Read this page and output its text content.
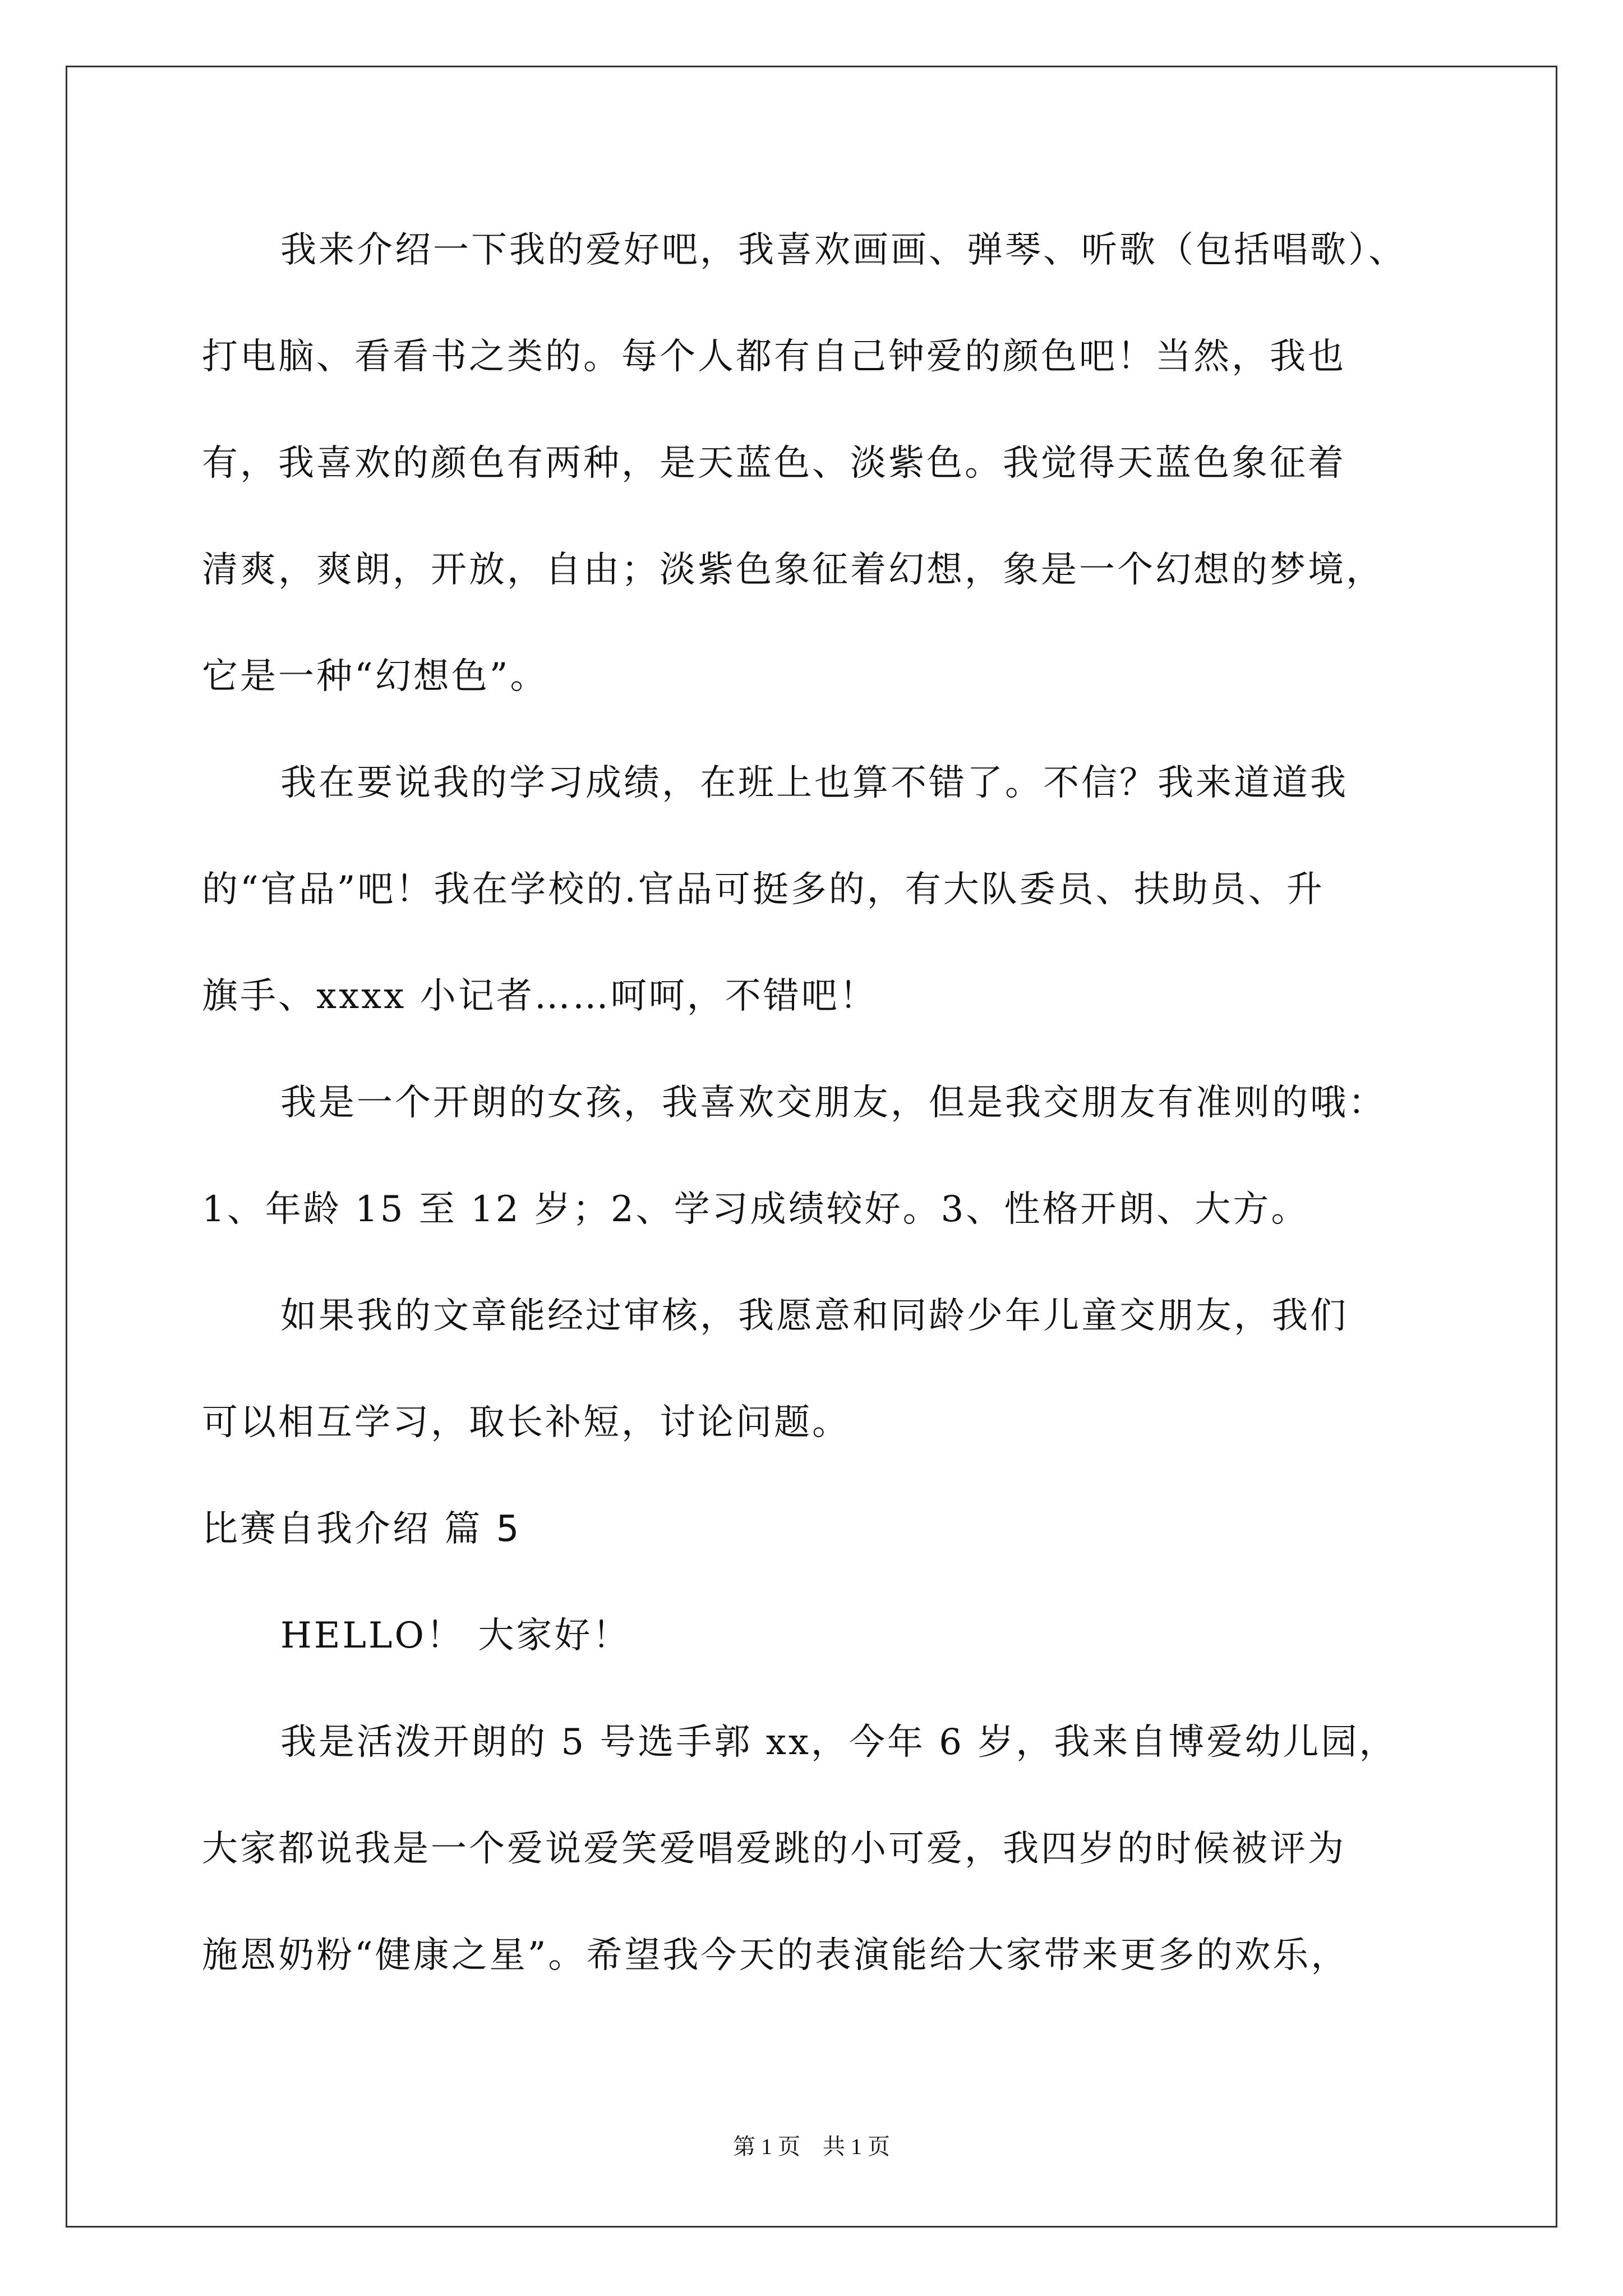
我来介绍一下我的爱好吧，我喜欢画画、弹琴、听歌（包括唱歌）、
打电脑、看看书之类的。每个人都有自己钟爱的颜色吧！当然，我也
有，我喜欢的颜色有两种，是天蓝色、淡紫色。我觉得天蓝色象征着
清爽，爽朗，开放，自由；淡紫色象征着幻想，象是一个幻想的梦境，
它是一种“幻想色”。
我在要说我的学习成绩，在班上也算不错了。不信？我来道道我
的“官品”吧！我在学校的.官品可挺多的，有大队委员、扶助员、升
旗手、xxxx 小记者……呵呵，不错吧！
我是一个开朗的女孩，我喜欢交朋友，但是我交朋友有准则的哦：
1、年龄 15 至 12 岁；2、学习成绩较好。3、性格开朗、大方。
如果我的文章能经过审核，我愿意和同龄少年儿童交朋友，我们
可以相互学习，取长补短，讨论问题。
比赛自我介绍 篇 5
HELLO！ 大家好！
我是活泼开朗的 5 号选手郭 xx，今年 6 岁，我来自博爱幼儿园，
大家都说我是一个爱说爱笑爱唱爱跳的小可爱，我四岁的时候被评为
施恩奶粉“健康之星”。希望我今天的表演能给大家带来更多的欢乐，
第 1 页    共 1 页
